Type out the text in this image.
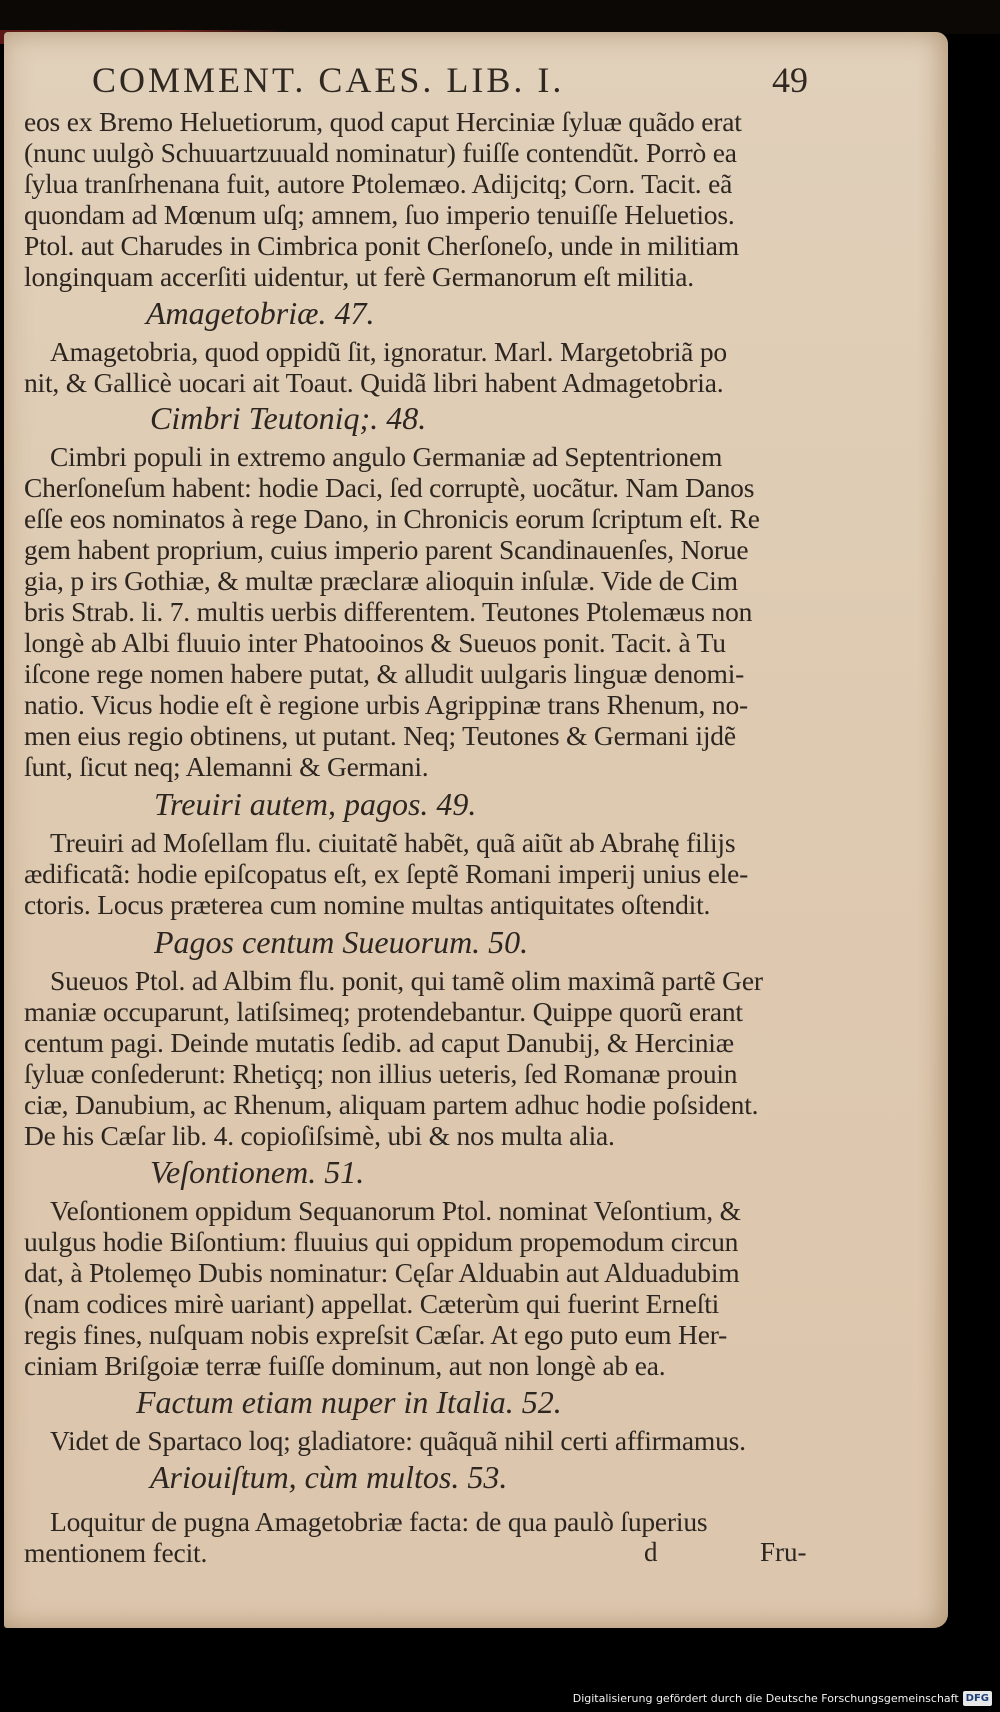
COMMENT. CAES. LIB. I.	49

eos ex Bremo Heluetiorum, quod caput Herciniæ ſyluæ quãdo erat

(nunc uulgò Schuuartzuuald nominatur) fuiſſe contendũt. Porrò ea

ſylua tranſrhenana fuit, autore Ptolemæo. Adijcitq; Corn. Tacit. eã

quondam ad Mœnum uſq; amnem, ſuo imperio tenuiſſe Heluetios.

Ptol. aut Charudes in Cimbrica ponit Cherſoneſo, unde in militiam

longinquam accerſiti uidentur, ut ferè Germanorum eſt militia.

Amagetobriæ. 47.

Amagetobria, quod oppidũ ſit, ignoratur. Marl. Margetobriã po

nit, & Gallicè uocari ait Toaut. Quidã libri habent Admagetobria.

Cimbri Teutoniq;. 48.

Cimbri populi in extremo angulo Germaniæ ad Septentrionem

Cherſoneſum habent: hodie Daci, ſed corruptè, uocãtur. Nam Danos

eſſe eos nominatos à rege Dano, in Chronicis eorum ſcriptum eſt. Re

gem habent proprium, cuius imperio parent Scandinauenſes, Norue

gia, p irs Gothiæ, & multæ præclaræ alioquin inſulæ. Vide de Cim

bris Strab. li. 7. multis uerbis differentem. Teutones Ptolemæus non

longè ab Albi fluuio inter Phatooinos & Sueuos ponit. Tacit. à Tu

iſcone rege nomen habere putat, & alludit uulgaris linguæ denomi-

natio. Vicus hodie eſt è regione urbis Agrippinæ trans Rhenum, no-

men eius regio obtinens, ut putant. Neq; Teutones & Germani ijdẽ

ſunt, ſicut neq; Alemanni & Germani.

Treuiri autem, pagos. 49.

Treuiri ad Moſellam flu. ciuitatẽ habẽt, quã aiũt ab Abrahę filijs

ædificatã: hodie epiſcopatus eſt, ex ſeptẽ Romani imperij unius ele-

ctoris. Locus præterea cum nomine multas antiquitates oſtendit.

Pagos centum Sueuorum. 50.

Sueuos Ptol. ad Albim flu. ponit, qui tamẽ olim maximã partẽ Ger

maniæ occuparunt, latiſsimeq; protendebantur. Quippe quorũ erant

centum pagi. Deinde mutatis ſedib. ad caput Danubij, & Herciniæ

ſyluæ conſederunt: Rhetiçq; non illius ueteris, ſed Romanæ prouin

ciæ, Danubium, ac Rhenum, aliquam partem adhuc hodie poſsident.

De his Cæſar lib. 4. copioſiſsimè, ubi & nos multa alia.

Veſontionem. 51.

Veſontionem oppidum Sequanorum Ptol. nominat Veſontium, &

uulgus hodie Biſontium: fluuius qui oppidum propemodum circun

dat, à Ptolemęo Dubis nominatur: Cęſar Alduabin aut Alduadubim

(nam codices mirè uariant) appellat. Cæterùm qui fuerint Erneſti

regis fines, nuſquam nobis expreſsit Cæſar. At ego puto eum Her-

ciniam Briſgoiæ terræ fuiſſe dominum, aut non longè ab ea.

Factum etiam nuper in Italia. 52.

Videt de Spartaco loq; gladiatore: quãquã nihil certi affirmamus.

Ariouiſtum, cùm multos. 53.

Loquitur de pugna Amagetobriæ facta: de qua paulò ſuperius

mentionem fecit.	d	Fru-

Digitalisierung gefördert durch die Deutsche Forschungsgemeinschaft DFG
